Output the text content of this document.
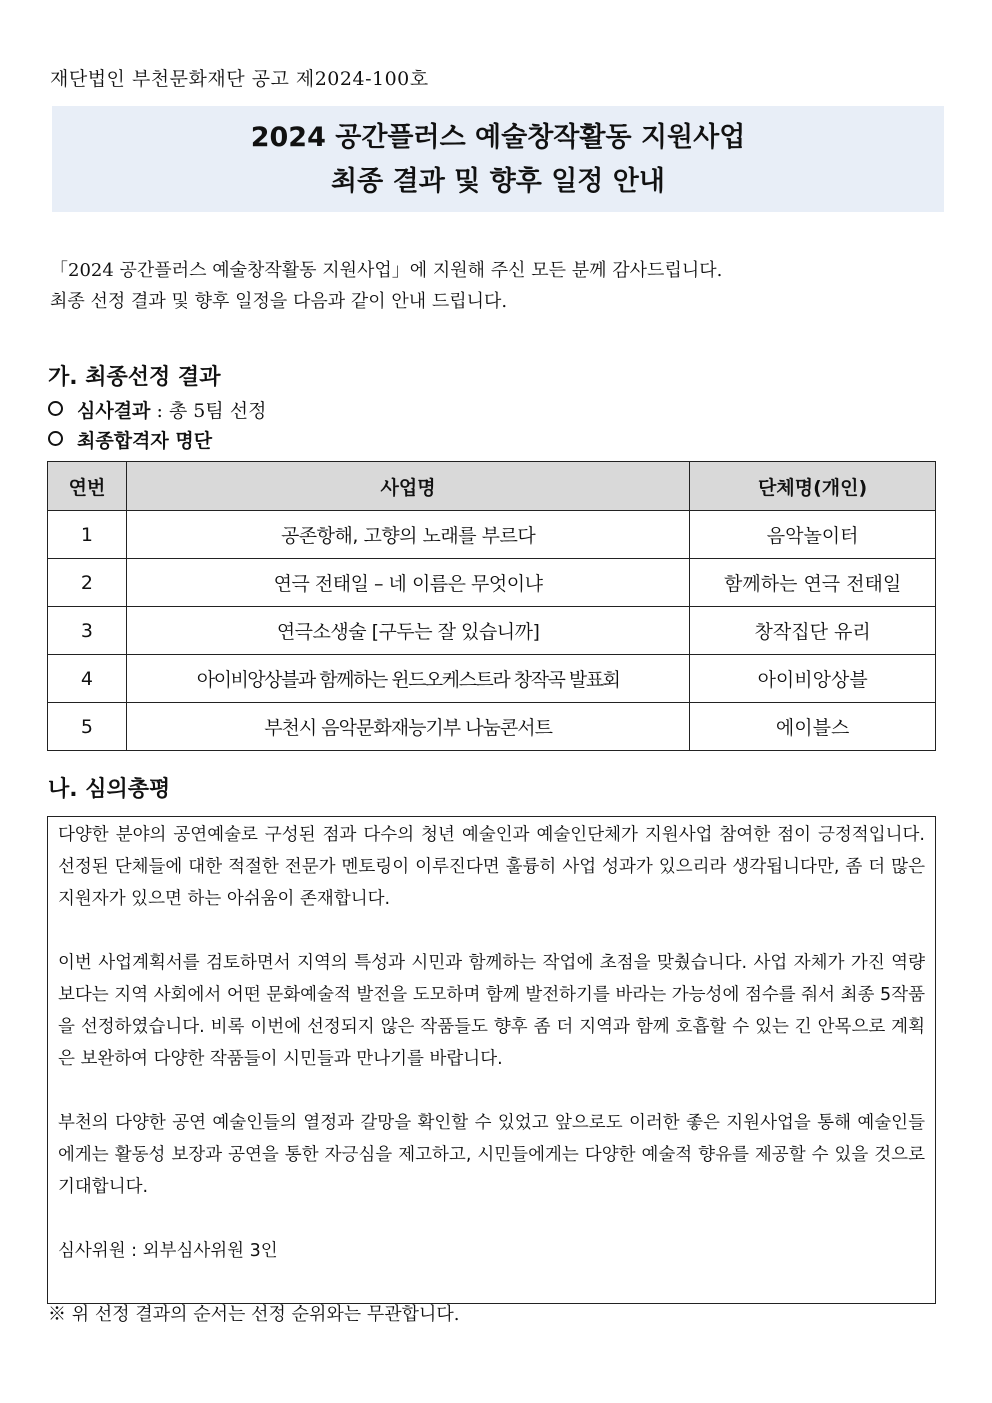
재단법인 부천문화재단 공고 제2024-100호
2024 공간플러스 예술창작활동 지원사업
최종 결과 및 향후 일정 안내
「2024 공간플러스 예술창작활동 지원사업」에 지원해 주신 모든 분께 감사드립니다.
최종 선정 결과 및 향후 일정을 다음과 같이 안내 드립니다.
가. 최종선정 결과
심사결과 : 총 5팀 선정
최종합격자 명단
연번	사업명	단체명(개인)
1	공존항해, 고향의 노래를 부르다	음악놀이터
2	연극 전태일 – 네 이름은 무엇이냐	함께하는 연극 전태일
3	연극소생술 [구두는 잘 있습니까]	창작집단 유리
4	아이비앙상블과 함께하는 윈드오케스트라 창작곡 발표회	아이비앙상블
5	부천시 음악문화재능기부 나눔콘서트	에이블스
나. 심의총평

다양한 분야의 공연예술로 구성된 점과 다수의 청년 예술인과 예술인단체가 지원사업 참여한 점이 긍정적입니다. 선정된 단체들에 대한 적절한 전문가 멘토링이 이루진다면 훌륭히 사업 성과가 있으리라 생각됩니다만, 좀 더 많은 지원자가 있으면 하는 아쉬움이 존재합니다.

이번 사업계획서를 검토하면서 지역의 특성과 시민과 함께하는 작업에 초점을 맞췄습니다. 사업 자체가 가진 역량보다는 지역 사회에서 어떤 문화예술적 발전을 도모하며 함께 발전하기를 바라는 가능성에 점수를 줘서 최종 5작품을 선정하였습니다. 비록 이번에 선정되지 않은 작품들도 향후 좀 더 지역과 함께 호흡할 수 있는 긴 안목으로 계획은 보완하여 다양한 작품들이 시민들과 만나기를 바랍니다.

부천의 다양한 공연 예술인들의 열정과 갈망을 확인할 수 있었고 앞으로도 이러한 좋은 지원사업을 통해 예술인들에게는 활동성 보장과 공연을 통한 자긍심을 제고하고, 시민들에게는 다양한 예술적 향유를 제공할 수 있을 것으로 기대합니다.

심사위원 : 외부심사위원 3인

※ 위 선정 결과의 순서는 선정 순위와는 무관합니다.
